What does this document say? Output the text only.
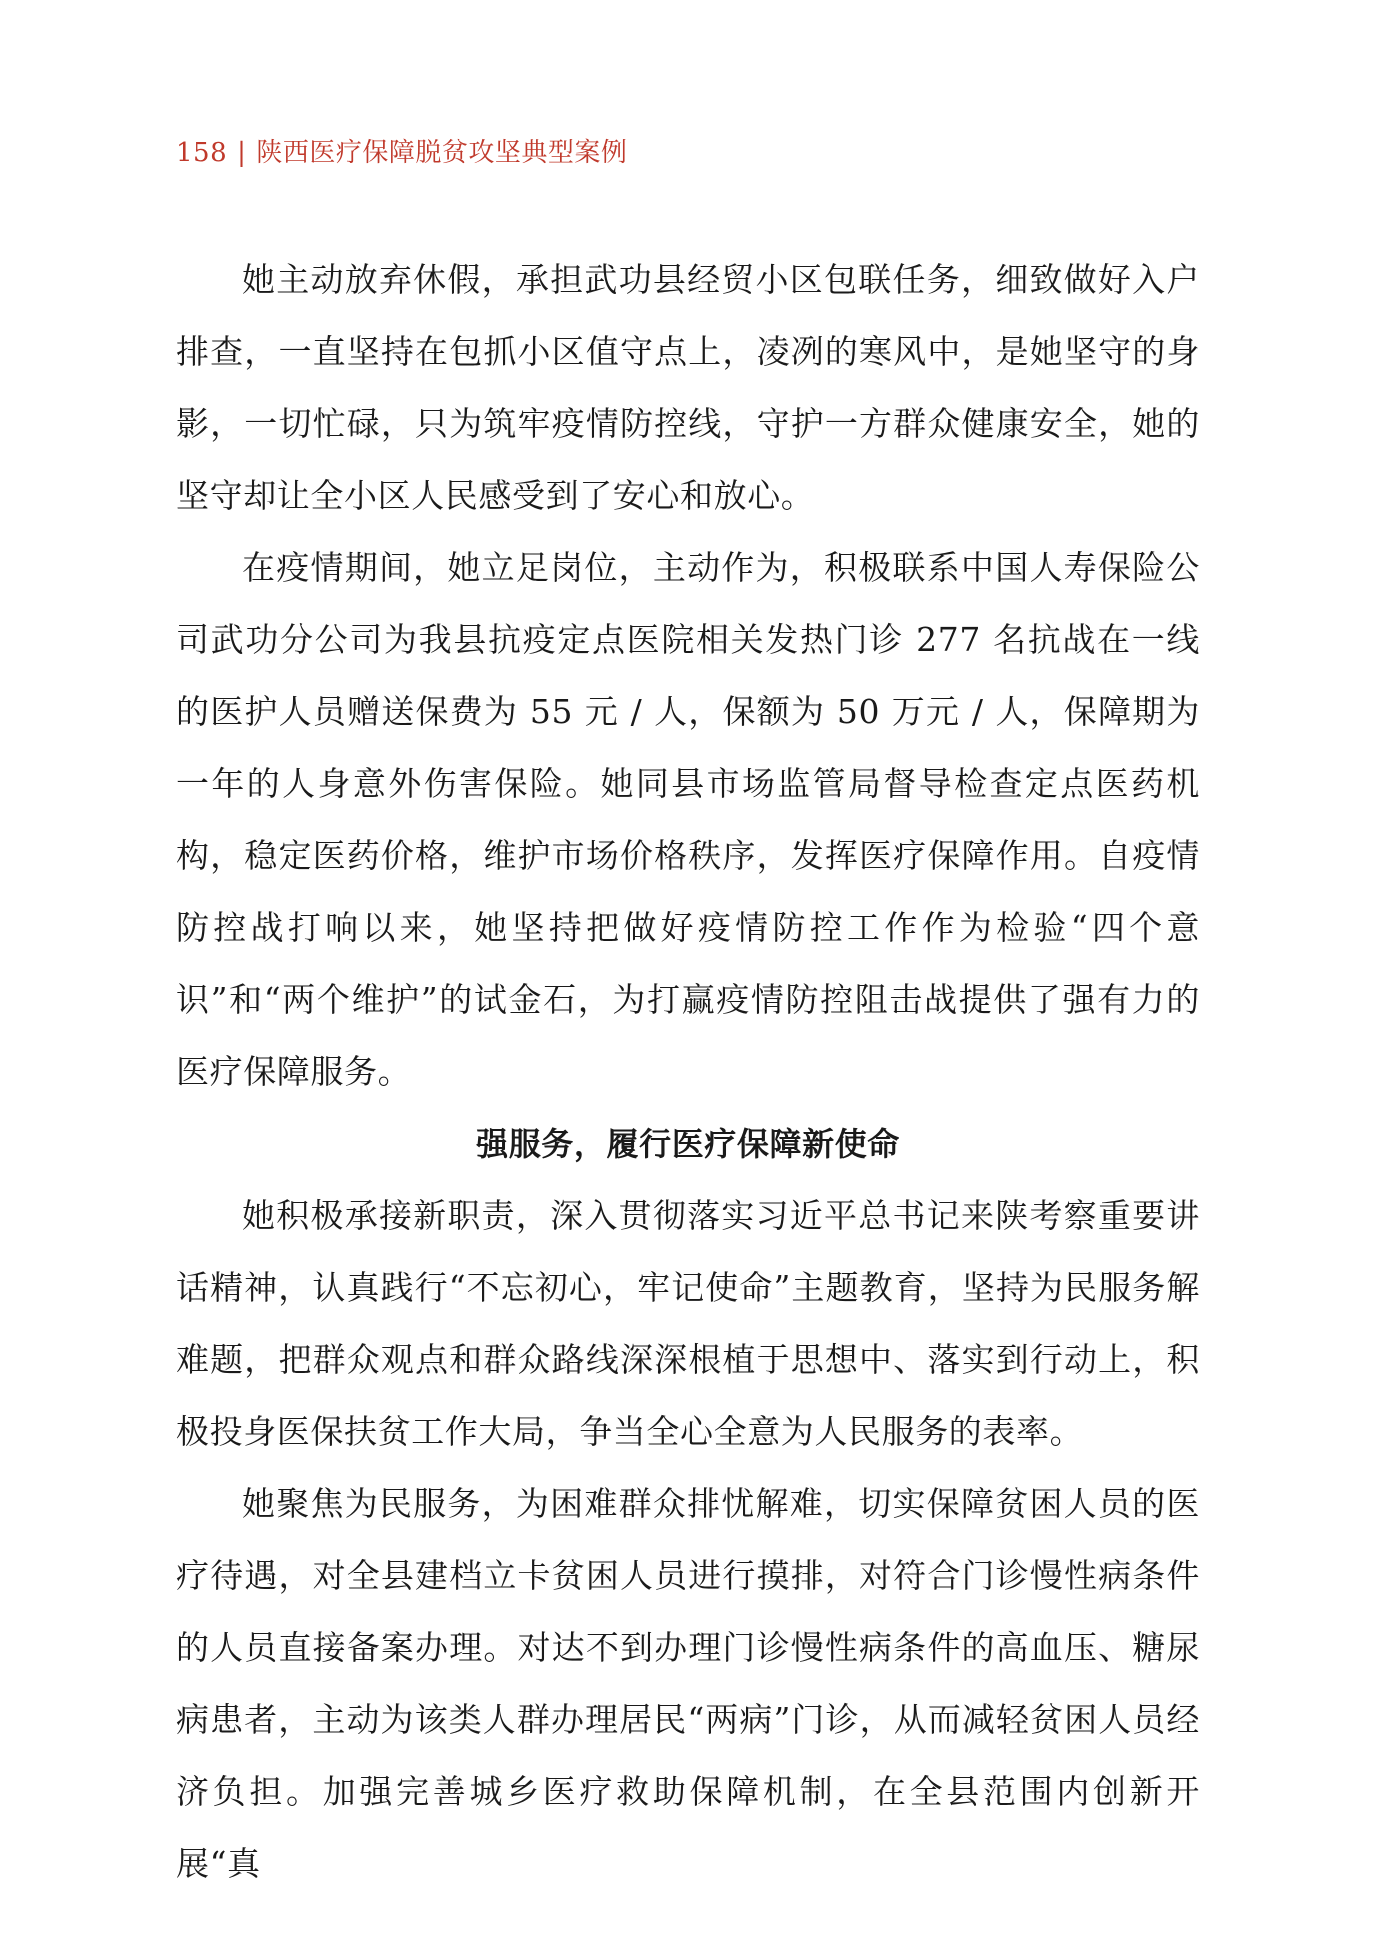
158 | 陕西医疗保障脱贫攻坚典型案例

她主动放弃休假，承担武功县经贸小区包联任务，细致做好入户排查，一直坚持在包抓小区值守点上，凌冽的寒风中，是她坚守的身影，一切忙碌，只为筑牢疫情防控线，守护一方群众健康安全，她的坚守却让全小区人民感受到了安心和放心。

在疫情期间，她立足岗位，主动作为，积极联系中国人寿保险公司武功分公司为我县抗疫定点医院相关发热门诊 277 名抗战在一线的医护人员赠送保费为 55 元 / 人，保额为 50 万元 / 人，保障期为一年的人身意外伤害保险。她同县市场监管局督导检查定点医药机构，稳定医药价格，维护市场价格秩序，发挥医疗保障作用。自疫情防控战打响以来，她坚持把做好疫情防控工作作为检验“四个意识”和“两个维护”的试金石，为打赢疫情防控阻击战提供了强有力的医疗保障服务。

强服务，履行医疗保障新使命

她积极承接新职责，深入贯彻落实习近平总书记来陕考察重要讲话精神，认真践行“不忘初心，牢记使命”主题教育，坚持为民服务解难题，把群众观点和群众路线深深根植于思想中、落实到行动上，积极投身医保扶贫工作大局，争当全心全意为人民服务的表率。

她聚焦为民服务，为困难群众排忧解难，切实保障贫困人员的医疗待遇，对全县建档立卡贫困人员进行摸排，对符合门诊慢性病条件的人员直接备案办理。对达不到办理门诊慢性病条件的高血压、糖尿病患者，主动为该类人群办理居民“两病”门诊，从而减轻贫困人员经济负担。加强完善城乡医疗救助保障机制，在全县范围内创新开展“真
